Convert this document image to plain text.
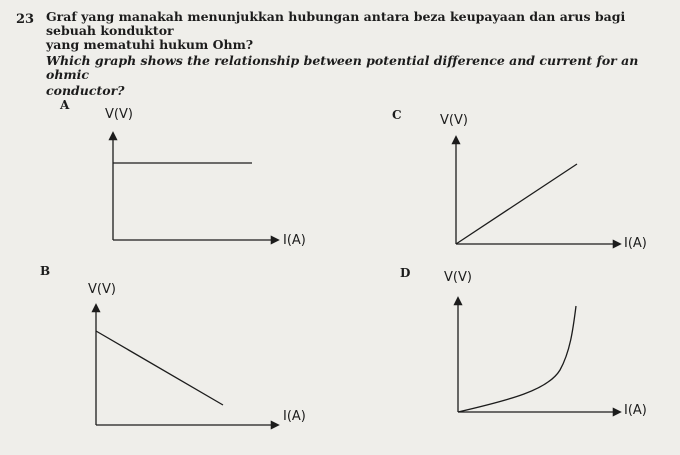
23 Graf yang manakah menunjukkan hubungan antara beza keupayaan dan arus bagi sebuah konduktor
yang mematuhi hukum Ohm?
Which graph shows the relationship between potential difference and current for an ohmic
conductor?
A
V(V)
I(A)
C	V(V)
I(A)
B
V(V)
I(A)
D	V(V)
I(A)
